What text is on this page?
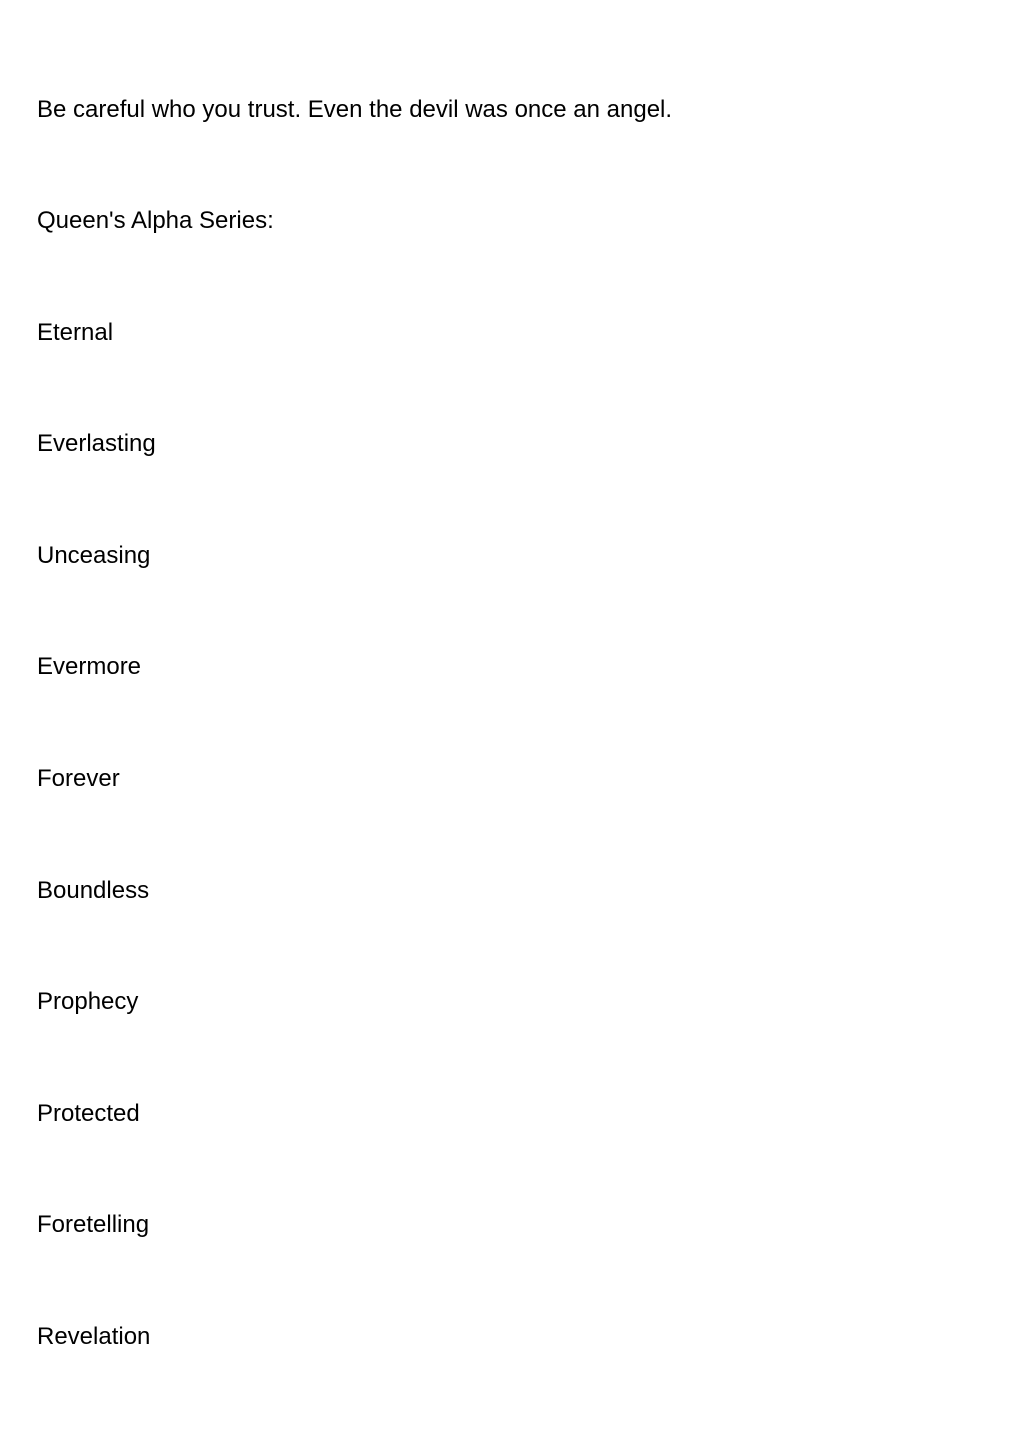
Be careful who you trust. Even the devil was once an angel.

Queen's Alpha Series:

Eternal

Everlasting

Unceasing

Evermore

Forever

Boundless

Prophecy

Protected

Foretelling

Revelation
